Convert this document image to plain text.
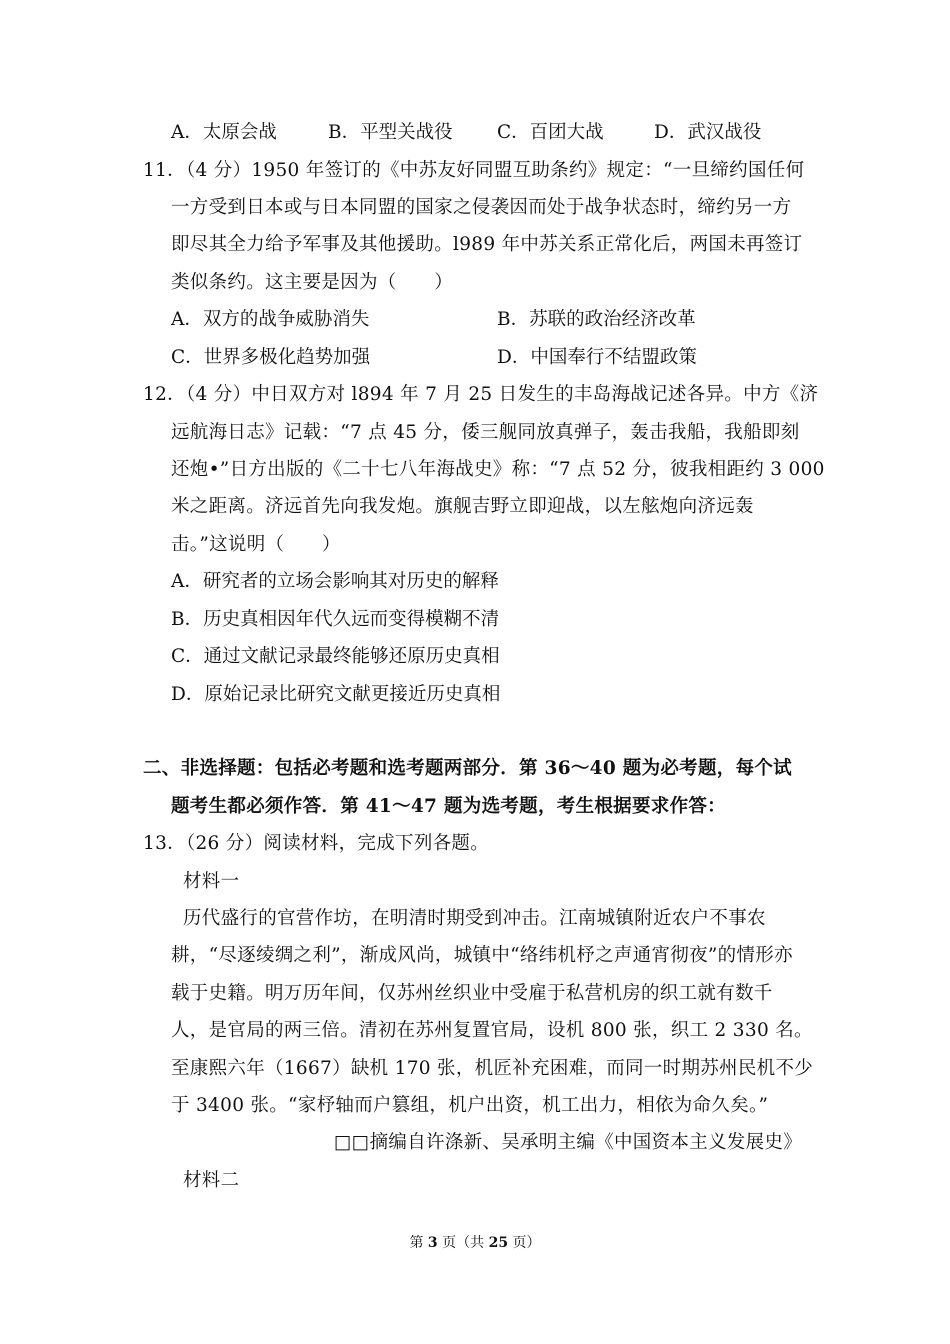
A．太原会战	B．平型关战役 C．百团大战	D．武汉战役
11．（4 分）1950 年签订的《中苏友好同盟互助条约》规定：“一旦缔约国任何
一方受到日本或与日本同盟的国家之侵袭因而处于战争状态时，缔约另一方
即尽其全力给予军事及其他援助。l989 年中苏关系正常化后，两国未再签订
类似条约。这主要是因为（　　）
A．双方的战争威胁消失	B．苏联的政治经济改革
C．世界多极化趋势加强	D．中国奉行不结盟政策
12．（4 分）中日双方对 l894 年 7 月 25 日发生的丰岛海战记述各异。中方《济
远航海日志》记载：“7 点 45 分，倭三舰同放真弹子，轰击我船，我船即刻
还炮•”日方出版的《二十七八年海战史》称：“7 点 52 分，彼我相距约 3 000
米之距离。济远首先向我发炮。旗舰吉野立即迎战，以左舷炮向济远轰
击。”这说明（　　）
A．研究者的立场会影响其对历史的解释
B．历史真相因年代久远而变得模糊不清
C．通过文献记录最终能够还原历史真相
D．原始记录比研究文献更接近历史真相
二、非选择题：包括必考题和选考题两部分．第 36～40 题为必考题，每个试
题考生都必须作答．第 41～47 题为选考题，考生根据要求作答：
13．（26 分）阅读材料，完成下列各题。
材料一
历代盛行的官营作坊，在明清时期受到冲击。江南城镇附近农户不事农
耕，“尽逐绫绸之利”，渐成风尚，城镇中“络纬机杼之声通宵彻夜”的情形亦
载于史籍。明万历年间，仅苏州丝织业中受雇于私营机房的织工就有数千
人，是官局的两三倍。清初在苏州复置官局，设机 800 张，织工 2 330 名。
至康熙六年（1667）缺机 170 张，机匠补充困难，而同一时期苏州民机不少
于 3400 张。“家杼轴而户篡组，机户出资，机工出力，相依为命久矣。”
□□摘编自许涤新、吴承明主编《中国资本主义发展史》
材料二
第 3 页（共 25 页）
